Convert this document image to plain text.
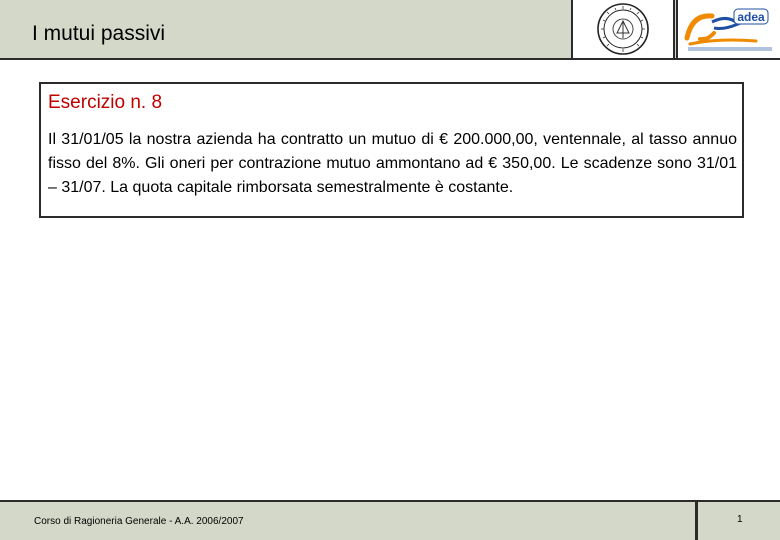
I mutui passivi
adea
Esercizio n. 8
Il 31/01/05 la nostra azienda ha contratto un mutuo di € 200.000,00, ventennale, al tasso annuo fisso del 8%. Gli oneri per contrazione mutuo ammontano ad € 350,00. Le scadenze sono 31/01 – 31/07. La quota capitale rimborsata semestralmente è costante.
Corso di Ragioneria Generale - A.A. 2006/2007	1
